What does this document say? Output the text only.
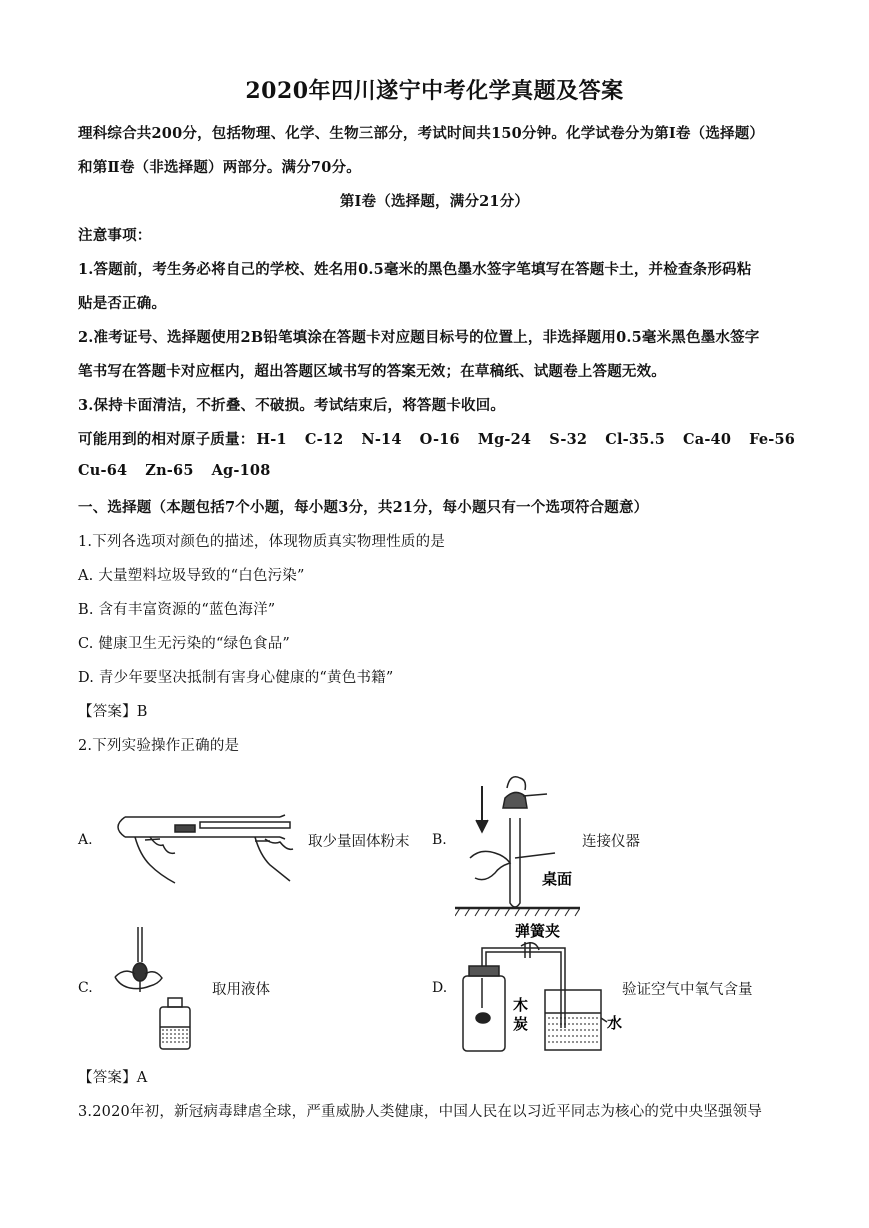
2020年四川遂宁中考化学真题及答案
理科综合共200分，包括物理、化学、生物三部分，考试时间共150分钟。化学试卷分为第Ⅰ卷（选择题）
和第Ⅱ卷（非选择题）两部分。满分70分。
第Ⅰ卷（选择题，满分21分）
注意事项：
1.答题前，考生务必将自己的学校、姓名用0.5毫米的黑色墨水签字笔填写在答题卡土，并检查条形码粘
贴是否正确。
2.准考证号、选择题使用2B铅笔填涂在答题卡对应题目标号的位置上，非选择题用0.5毫米黑色墨水签字
笔书写在答题卡对应框内，超出答题区域书写的答案无效；在草稿纸、试题卷上答题无效。
3.保持卡面清洁，不折叠、不破损。考试结束后，将答题卡收回。
可能用到的相对原子质量： H-1 C-12 N-14 O-16 Mg-24 S-32 Cl-35.5 Ca-40 Fe-56
Cu-64 Zn-65 Ag-108
一、选择题（本题包括7个小题，每小题3分，共21分，每小题只有一个选项符合题意）
1.下列各选项对颜色的描述，体现物质真实物理性质的是
A. 大量塑料垃圾导致的“白色污染”
B. 含有丰富资源的“蓝色海洋”
C. 健康卫生无污染的“绿色食品”
D. 青少年要坚决抵制有害身心健康的“黄色书籍”
【答案】B
2.下列实验操作正确的是
A.	取少量固体粉末 B.
桌面
连接仪器
C.	取用液体	D.
弹簧夹
木
炭	水
验证空气中氧气含量
【答案】A
3.2020年初，新冠病毒肆虐全球，严重威胁人类健康，中国人民在以习近平同志为核心的党中央坚强领导
